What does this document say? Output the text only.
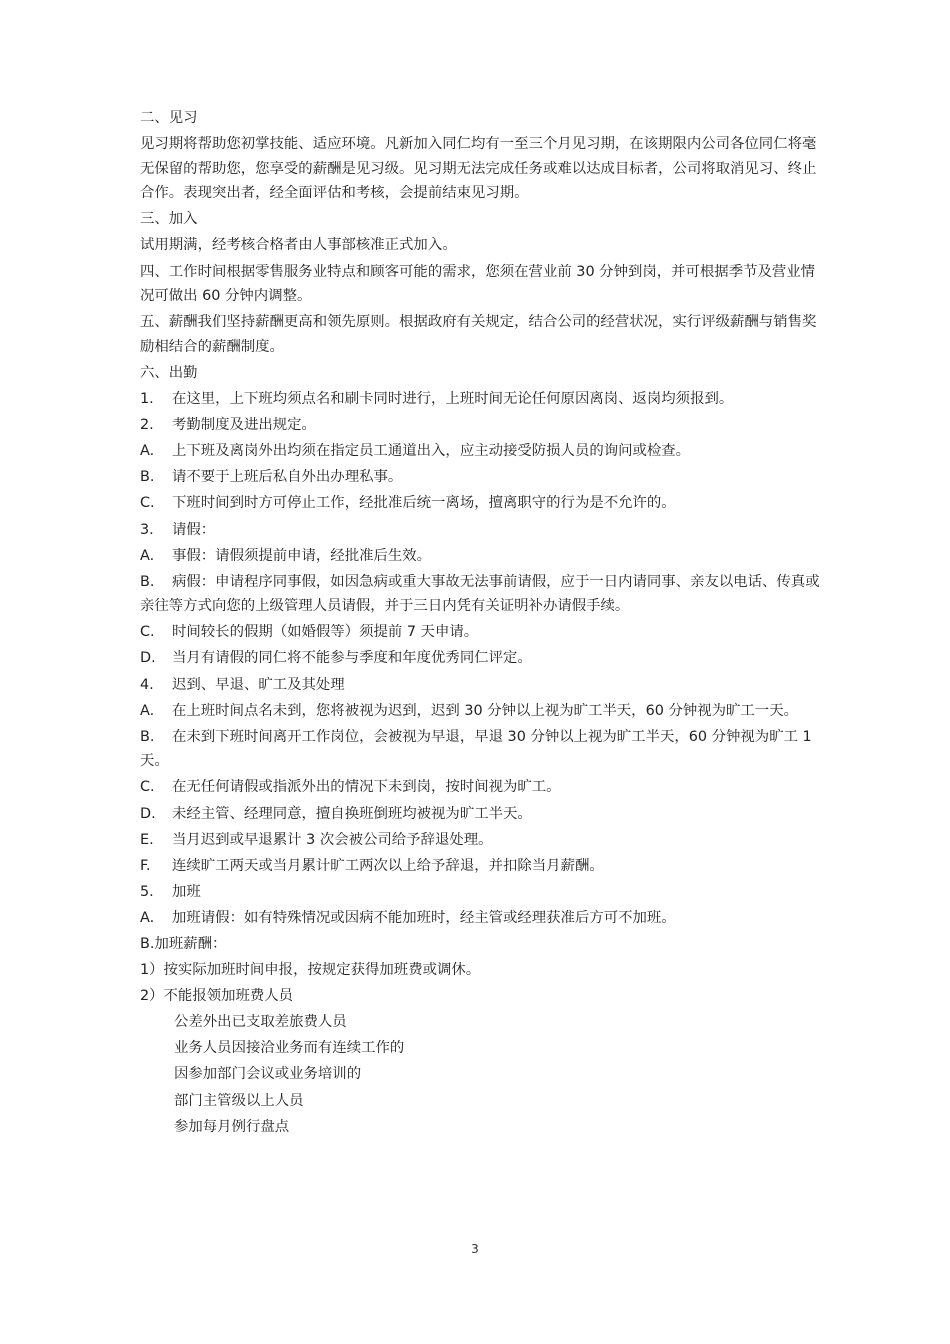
二、见习

见习期将帮助您初掌技能、适应环境。凡新加入同仁均有一至三个月见习期，在该期限内公司各位同仁将毫无保留的帮助您，您享受的薪酬是见习级。见习期无法完成任务或难以达成目标者，公司将取消见习、终止合作。表现突出者，经全面评估和考核，会提前结束见习期。

三、加入

试用期满，经考核合格者由人事部核准正式加入。

四、工作时间根据零售服务业特点和顾客可能的需求，您须在营业前 30 分钟到岗，并可根据季节及营业情况可做出 60 分钟内调整。

五、薪酬我们坚持薪酬更高和领先原则。根据政府有关规定，结合公司的经营状况，实行评级薪酬与销售奖励相结合的薪酬制度。

六、出勤

1. 在这里，上下班均须点名和刷卡同时进行，上班时间无论任何原因离岗、返岗均须报到。

2. 考勤制度及进出规定。

A. 上下班及离岗外出均须在指定员工通道出入，应主动接受防损人员的询问或检查。

B. 请不要于上班后私自外出办理私事。

C. 下班时间到时方可停止工作，经批准后统一离场，擅离职守的行为是不允许的。

3. 请假：

A. 事假：请假须提前申请，经批准后生效。

B. 病假：申请程序同事假，如因急病或重大事故无法事前请假，应于一日内请同事、亲友以电话、传真或亲往等方式向您的上级管理人员请假，并于三日内凭有关证明补办请假手续。

C. 时间较长的假期（如婚假等）须提前 7 天申请。

D. 当月有请假的同仁将不能参与季度和年度优秀同仁评定。

4. 迟到、早退、旷工及其处理

A. 在上班时间点名未到，您将被视为迟到，迟到 30 分钟以上视为旷工半天，60 分钟视为旷工一天。

B. 在未到下班时间离开工作岗位，会被视为早退，早退 30 分钟以上视为旷工半天，60 分钟视为旷工 1 天。

C. 在无任何请假或指派外出的情况下未到岗，按时间视为旷工。

D. 未经主管、经理同意，擅自换班倒班均被视为旷工半天。

E. 当月迟到或早退累计 3 次会被公司给予辞退处理。

F. 连续旷工两天或当月累计旷工两次以上给予辞退，并扣除当月薪酬。

5. 加班

A. 加班请假：如有特殊情况或因病不能加班时，经主管或经理获准后方可不加班。

B.加班薪酬：

1）按实际加班时间申报，按规定获得加班费或调休。

2）不能报领加班费人员

公差外出已支取差旅费人员

业务人员因接洽业务而有连续工作的

因参加部门会议或业务培训的

部门主管级以上人员

参加每月例行盘点

3
